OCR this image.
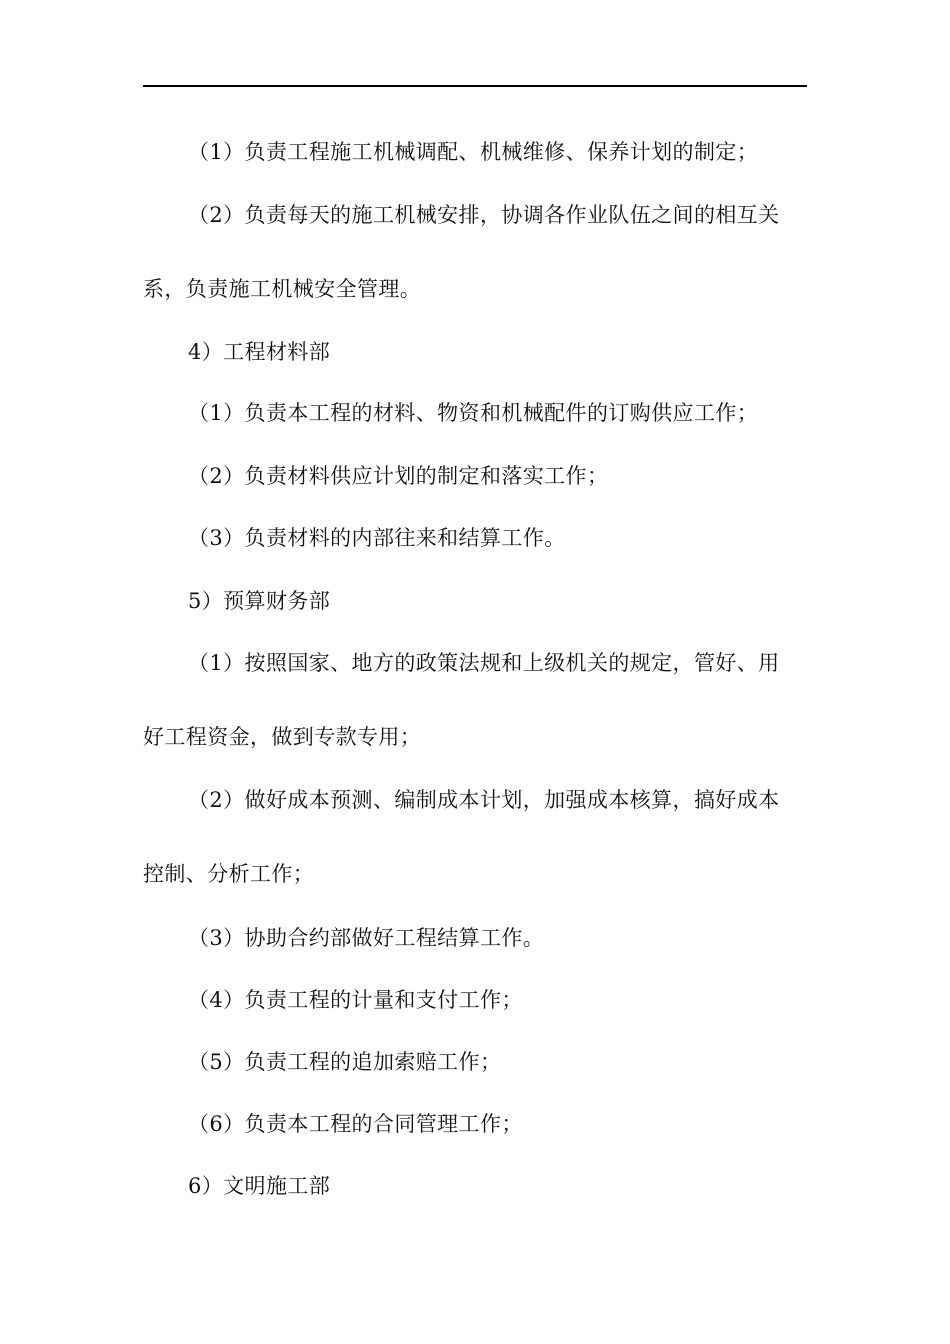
（1）负责工程施工机械调配、机械维修、保养计划的制定；
（2）负责每天的施工机械安排，协调各作业队伍之间的相互关
系，负责施工机械安全管理。
4）工程材料部
（1）负责本工程的材料、物资和机械配件的订购供应工作；
（2）负责材料供应计划的制定和落实工作；
（3）负责材料的内部往来和结算工作。
5）预算财务部
（1）按照国家、地方的政策法规和上级机关的规定，管好、用
好工程资金，做到专款专用；
（2）做好成本预测、编制成本计划，加强成本核算，搞好成本
控制、分析工作；
（3）协助合约部做好工程结算工作。
（4）负责工程的计量和支付工作；
（5）负责工程的追加索赔工作；
（6）负责本工程的合同管理工作；
6）文明施工部
